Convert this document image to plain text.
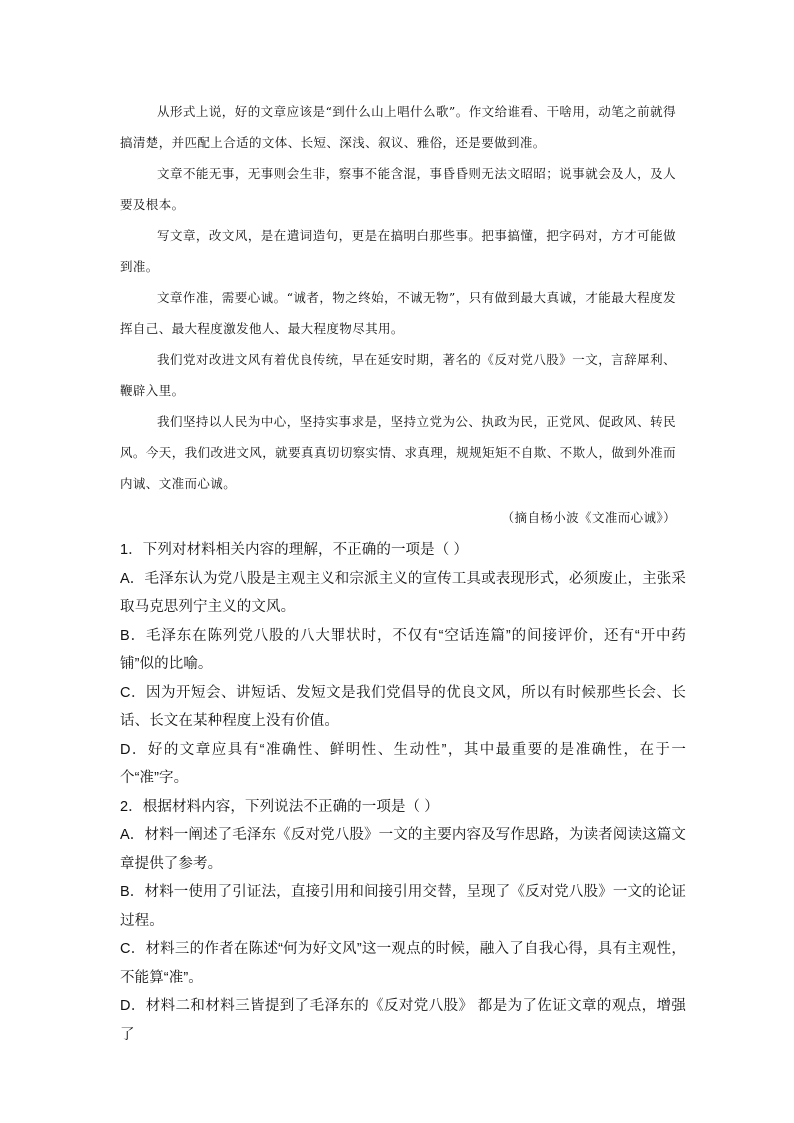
从形式上说，好的文章应该是“到什么山上唱什么歌”。作文给谁看、干啥用，动笔之前就得搞清楚，并匹配上合适的文体、长短、深浅、叙议、雅俗，还是要做到准。

文章不能无事，无事则会生非，察事不能含混，事昏昏则无法文昭昭；说事就会及人，及人要及根本。

写文章，改文风，是在遣词造句，更是在搞明白那些事。把事搞懂，把字码对，方才可能做到准。

文章作准，需要心诚。“诚者，物之终始，不诚无物”，只有做到最大真诚，才能最大程度发挥自己、最大程度激发他人、最大程度物尽其用。

我们党对改进文风有着优良传统，早在延安时期，著名的《反对党八股》一文，言辞犀利、鞭辟入里。

我们坚持以人民为中心，坚持实事求是，坚持立党为公、执政为民，正党风、促政风、转民风。今天，我们改进文风，就要真真切切察实情、求真理，规规矩矩不自欺、不欺人，做到外准而内诚、文准而心诚。

（摘自杨小波《文准而心诚》）

1．下列对材料相关内容的理解，不正确的一项是（ ）

A．毛泽东认为党八股是主观主义和宗派主义的宣传工具或表现形式，必须废止，主张采取马克思列宁主义的文风。

B．毛泽东在陈列党八股的八大罪状时，不仅有“空话连篇”的间接评价，还有“开中药铺”似的比喻。

C．因为开短会、讲短话、发短文是我们党倡导的优良文风，所以有时候那些长会、长话、长文在某种程度上没有价值。

D．好的文章应具有“准确性、鲜明性、生动性”，其中最重要的是准确性，在于一个“准”字。

2．根据材料内容，下列说法不正确的一项是（ ）

A．材料一阐述了毛泽东《反对党八股》一文的主要内容及写作思路，为读者阅读这篇文章提供了参考。

B．材料一使用了引证法，直接引用和间接引用交替，呈现了《反对党八股》一文的论证过程。

C．材料三的作者在陈述“何为好文风”这一观点的时候，融入了自我心得，具有主观性，不能算“准”。

D．材料二和材料三皆提到了毛泽东的《反对党八股》 都是为了佐证文章的观点，增强了
